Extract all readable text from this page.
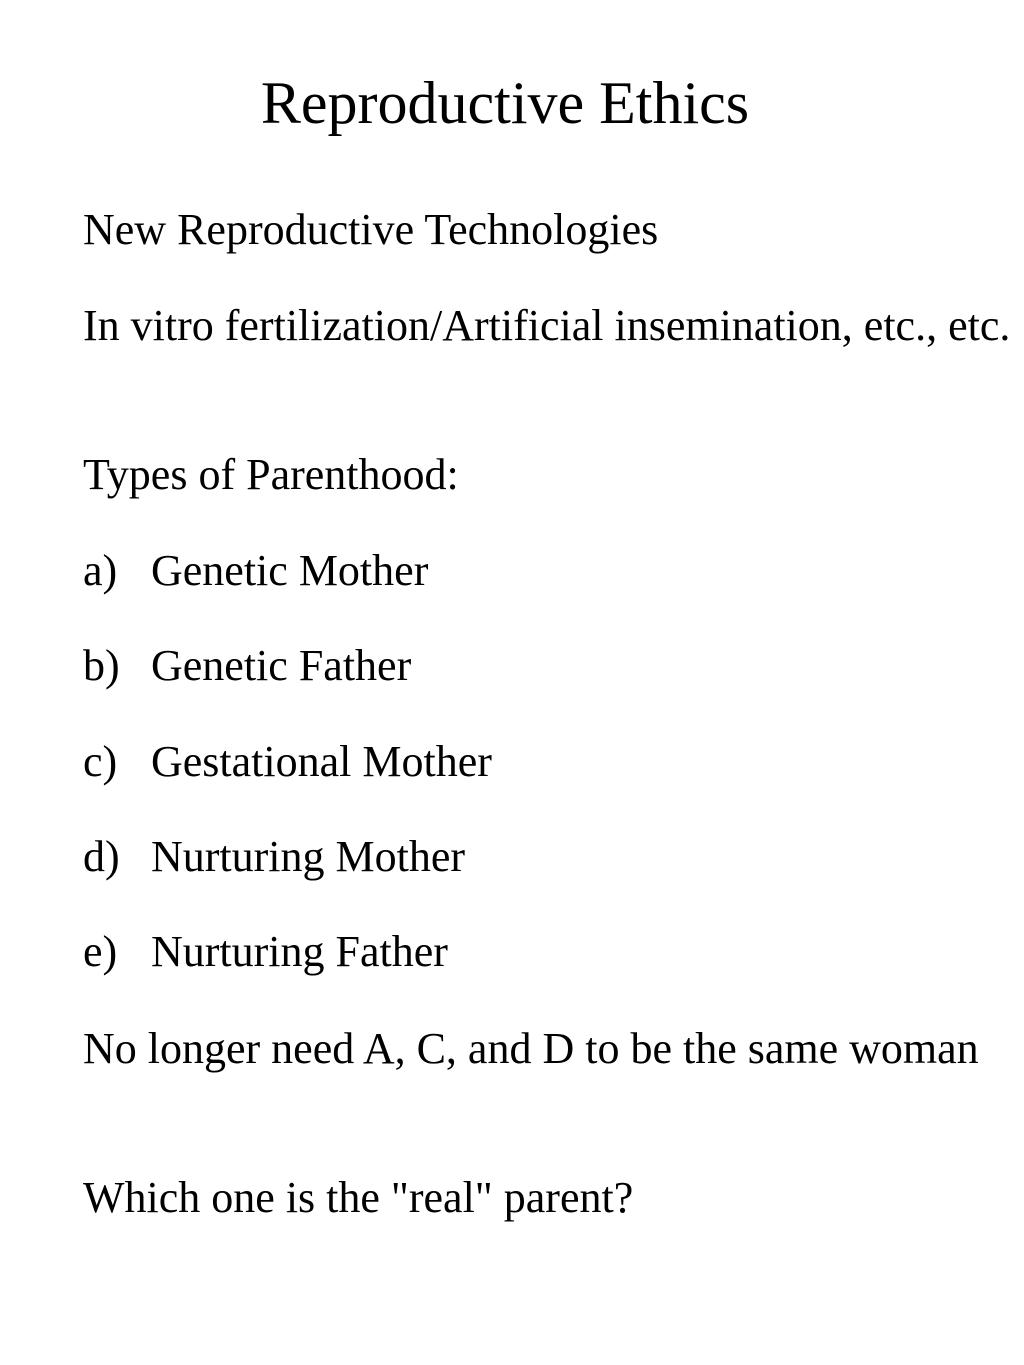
Reproductive Ethics

New Reproductive Technologies

In vitro fertilization/Artificial insemination, etc., etc.

Types of Parenthood:

a) Genetic Mother
b) Genetic Father
c) Gestational Mother
d) Nurturing Mother
e) Nurturing Father

No longer need A, C, and D to be the same woman

Which one is the "real" parent?
